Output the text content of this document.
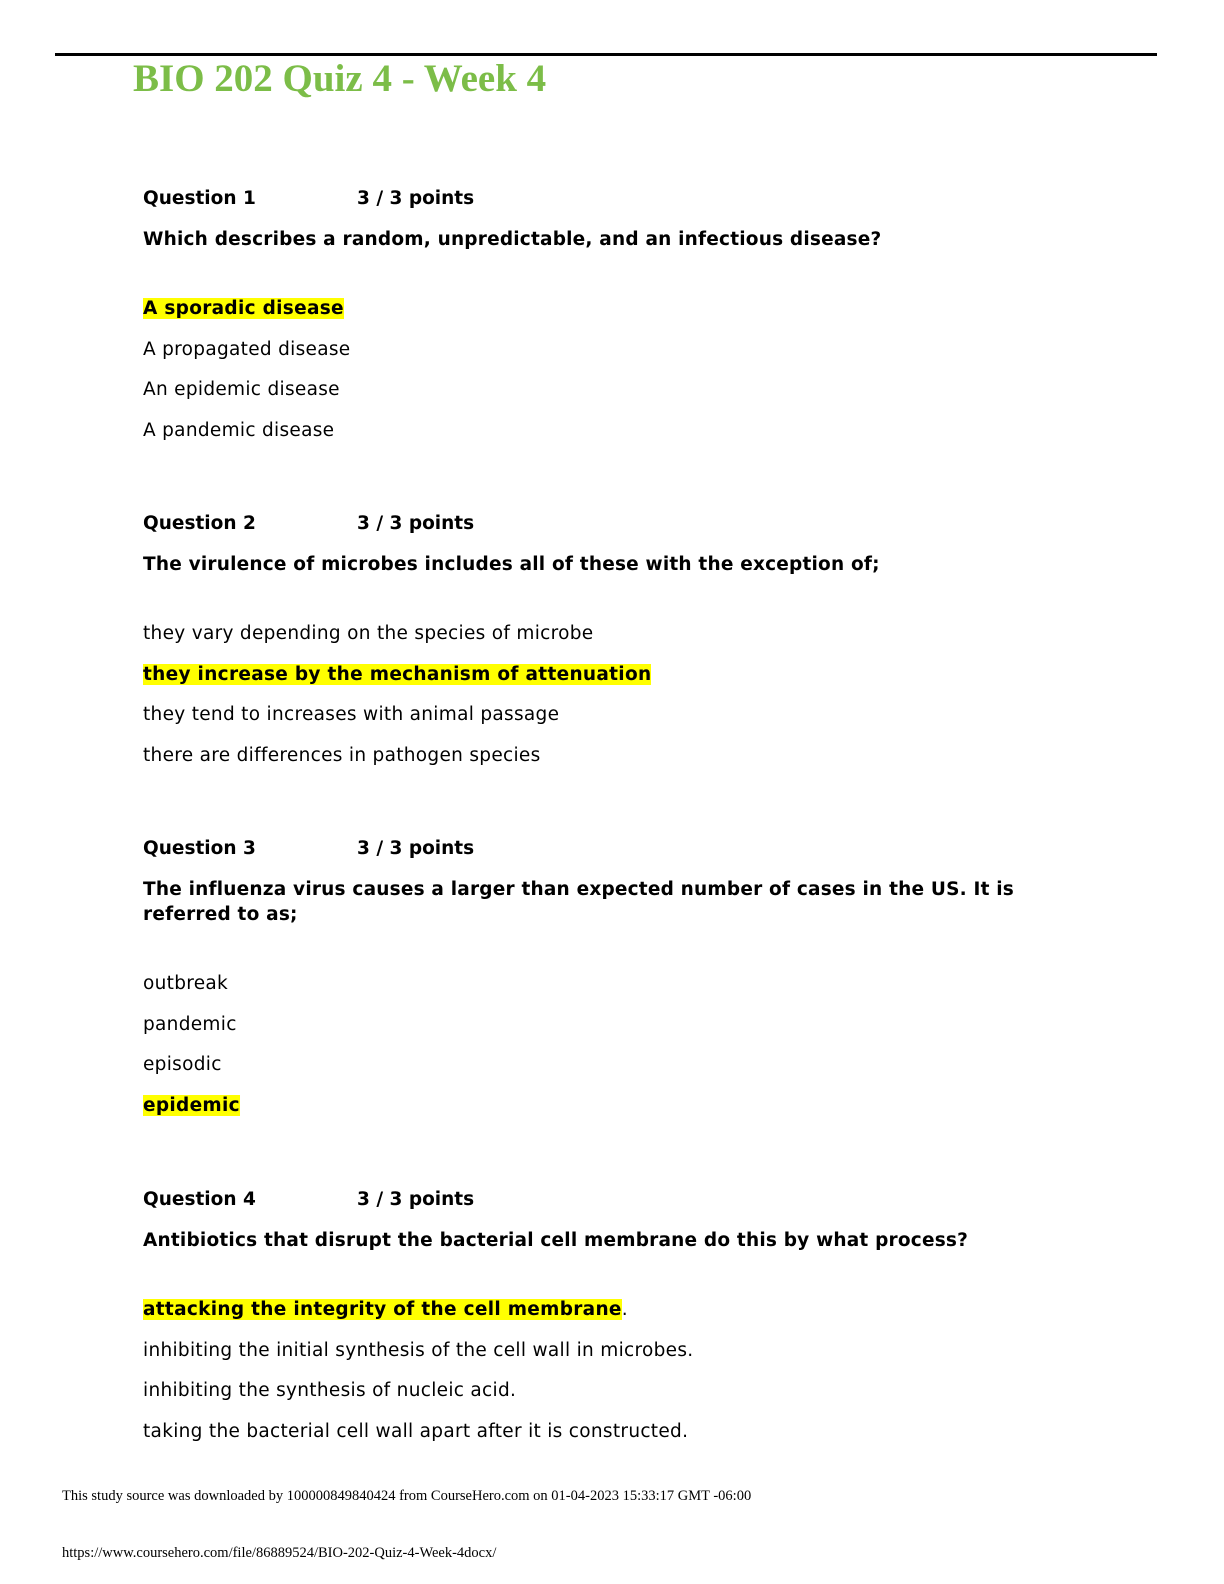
BIO 202 Quiz 4 - Week 4
Question 1	3 / 3 points
Which describes a random, unpredictable, and an infectious disease?
A sporadic disease
A propagated disease
An epidemic disease
A pandemic disease
Question 2	3 / 3 points
The virulence of microbes includes all of these with the exception of;
they vary depending on the species of microbe
they increase by the mechanism of attenuation
they tend to increases with animal passage
there are differences in pathogen species
Question 3	3 / 3 points
The influenza virus causes a larger than expected number of cases in the US. It is referred to as;
outbreak
pandemic
episodic
epidemic
Question 4	3 / 3 points
Antibiotics that disrupt the bacterial cell membrane do this by what process?
attacking the integrity of the cell membrane.
inhibiting the initial synthesis of the cell wall in microbes.
inhibiting the synthesis of nucleic acid.
taking the bacterial cell wall apart after it is constructed.
This study source was downloaded by 100000849840424 from CourseHero.com on 01-04-2023 15:33:17 GMT -06:00
https://www.coursehero.com/file/86889524/BIO-202-Quiz-4-Week-4docx/
